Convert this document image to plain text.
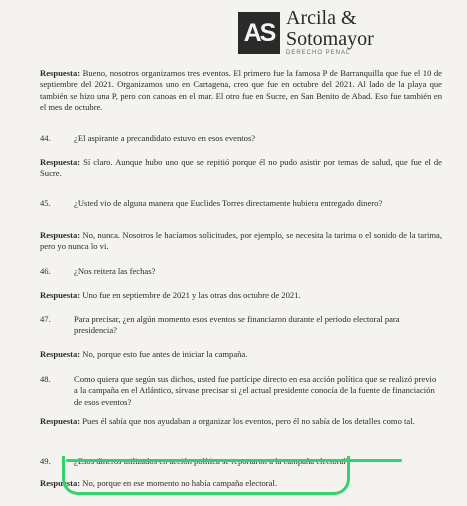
AS
Arcila &
Sotomayor
DERECHO PENAL

Respuesta: Bueno, nosotros organizamos tres eventos. El primero fue la famosa P de Barranquilla que fue el 10 de septiembre del 2021. Organizamos uno en Cartagena, creo que fue en octubre del 2021. Al lado de la playa que también se hizo una P, pero con canoas en el mar. El otro fue en Sucre, en San Benito de Abad. Eso fue también en el mes de octubre.

44.	¿El aspirante a precandidato estuvo en esos eventos?

Respuesta: Sí claro. Aunque hubo uno que se repitió porque él no pudo asistir por temas de salud, que fue el de Sucre.

45.	¿Usted vio de alguna manera que Euclides Torres directamente hubiera entregado dinero?

Respuesta: No, nunca. Nosotros le hacíamos solicitudes, por ejemplo, se necesita la tarima o el sonido de la tarima, pero yo nunca lo vi.

46.	¿Nos reitera las fechas?

Respuesta: Uno fue en septiembre de 2021 y las otras dos octubre de 2021.

47.	Para precisar, ¿en algún momento esos eventos se financiaron durante el periodo electoral para presidencia?

Respuesta: No, porque esto fue antes de iniciar la campaña.

48.	Como quiera que según sus dichos, usted fue partícipe directo en esa acción política que se realizó previo a la campaña en el Atlántico, sírvase precisar si ¿el actual presidente conocía de la fuente de financiación de esos eventos?

Respuesta: Pues él sabía que nos ayudaban a organizar los eventos, pero él no sabía de los detalles como tal.

49.	¿Esos dineros utilizados en acción política se reportaron a la campaña electoral?

Respuesta: No, porque en ese momento no había campaña electoral.
